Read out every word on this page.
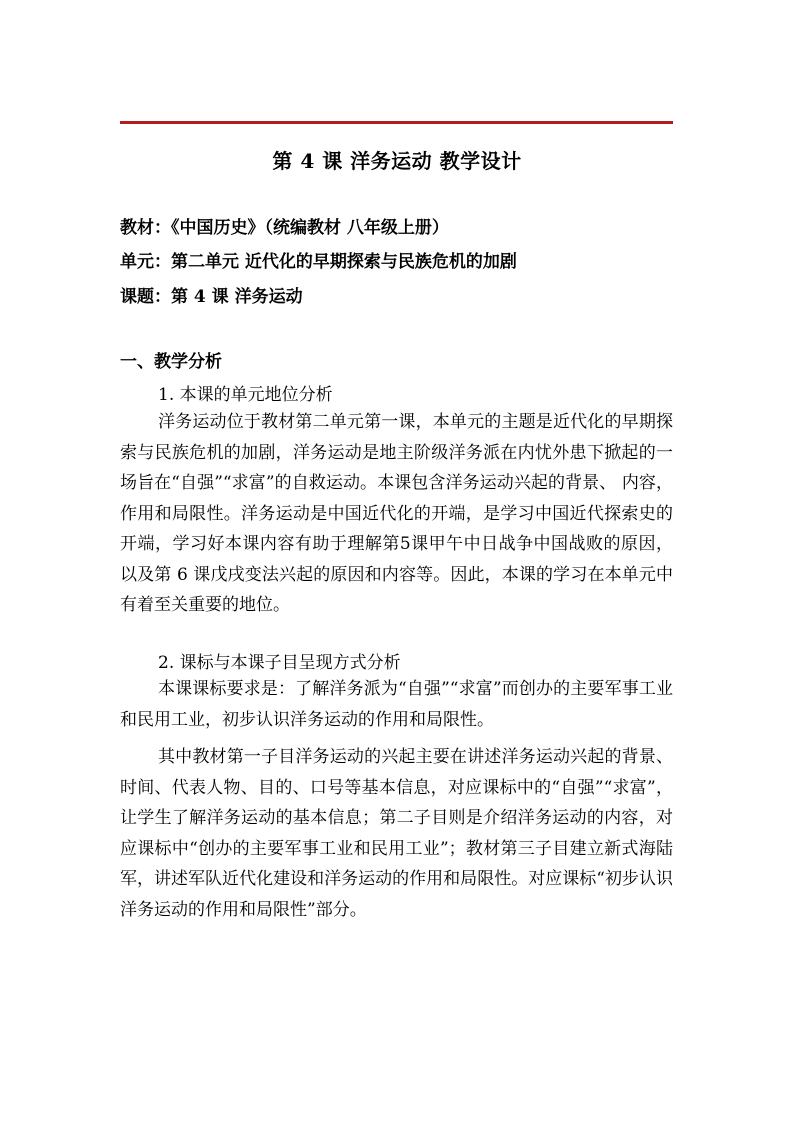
第 4 课 洋务运动 教学设计
教材：《中国历史》（统编教材 八年级上册）
单元：第二单元 近代化的早期探索与民族危机的加剧
课题：第 4 课 洋务运动
一、教学分析
1. 本课的单元地位分析
洋务运动位于教材第二单元第一课，本单元的主题是近代化的早期探索与民族危机的加剧，洋务运动是地主阶级洋务派在内忧外患下掀起的一场旨在“自强”“求富”的自救运动。本课包含洋务运动兴起的背景、 内容，作用和局限性。洋务运动是中国近代化的开端，是学习中国近代探索史的开端，学习好本课内容有助于理解第5课甲午中日战争中国战败的原因，以及第 6 课戊戌变法兴起的原因和内容等。因此，本课的学习在本单元中有着至关重要的地位。
2. 课标与本课子目呈现方式分析
本课课标要求是：了解洋务派为“自强”“求富”而创办的主要军事工业和民用工业，初步认识洋务运动的作用和局限性。
其中教材第一子目洋务运动的兴起主要在讲述洋务运动兴起的背景、时间、代表人物、目的、口号等基本信息，对应课标中的“自强”“求富”，让学生了解洋务运动的基本信息；第二子目则是介绍洋务运动的内容，对应课标中“创办的主要军事工业和民用工业”；教材第三子目建立新式海陆军，讲述军队近代化建设和洋务运动的作用和局限性。对应课标“初步认识洋务运动的作用和局限性”部分。
